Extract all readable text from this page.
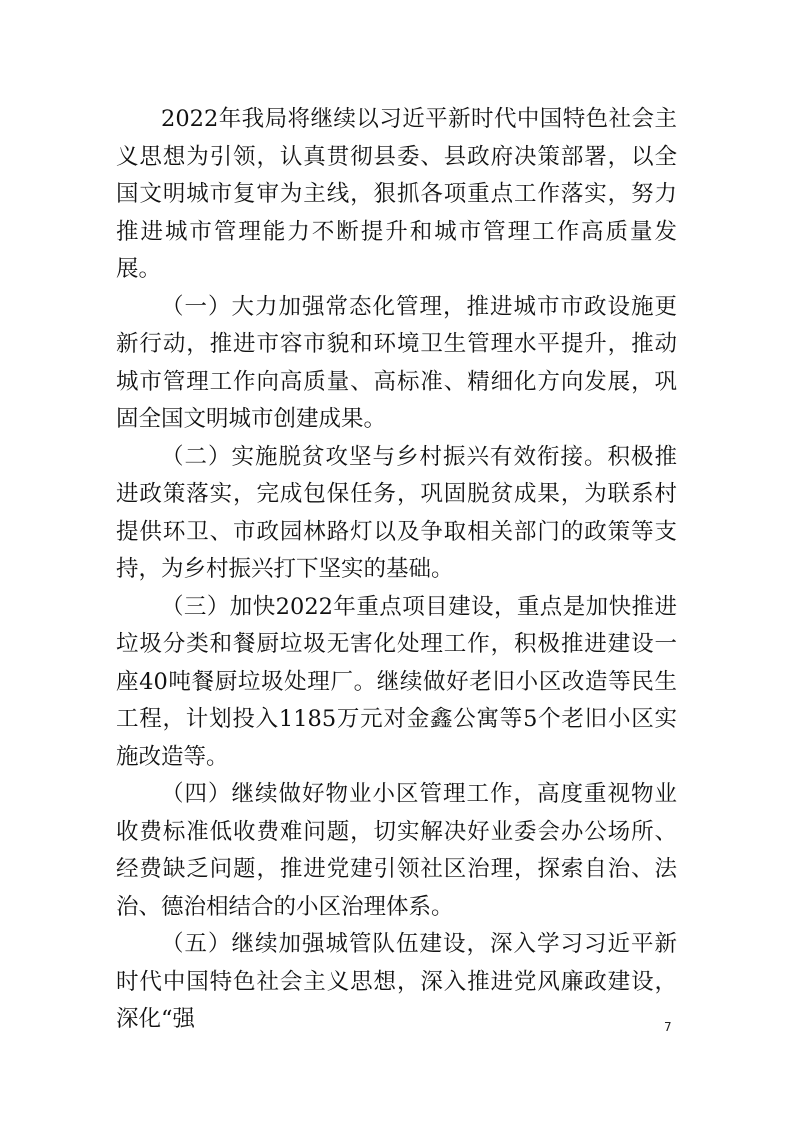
2022年我局将继续以习近平新时代中国特色社会主义思想为引领，认真贯彻县委、县政府决策部署，以全国文明城市复审为主线，狠抓各项重点工作落实，努力推进城市管理能力不断提升和城市管理工作高质量发展。

（一）大力加强常态化管理，推进城市市政设施更新行动，推进市容市貌和环境卫生管理水平提升，推动城市管理工作向高质量、高标准、精细化方向发展，巩固全国文明城市创建成果。

（二）实施脱贫攻坚与乡村振兴有效衔接。积极推进政策落实，完成包保任务，巩固脱贫成果，为联系村提供环卫、市政园林路灯以及争取相关部门的政策等支持，为乡村振兴打下坚实的基础。

（三）加快2022年重点项目建设，重点是加快推进垃圾分类和餐厨垃圾无害化处理工作，积极推进建设一座40吨餐厨垃圾处理厂。继续做好老旧小区改造等民生工程，计划投入1185万元对金鑫公寓等5个老旧小区实施改造等。

（四）继续做好物业小区管理工作，高度重视物业收费标准低收费难问题，切实解决好业委会办公场所、经费缺乏问题，推进党建引领社区治理，探索自治、法治、德治相结合的小区治理体系。

（五）继续加强城管队伍建设，深入学习习近平新时代中国特色社会主义思想，深入推进党风廉政建设，深化“强	7
